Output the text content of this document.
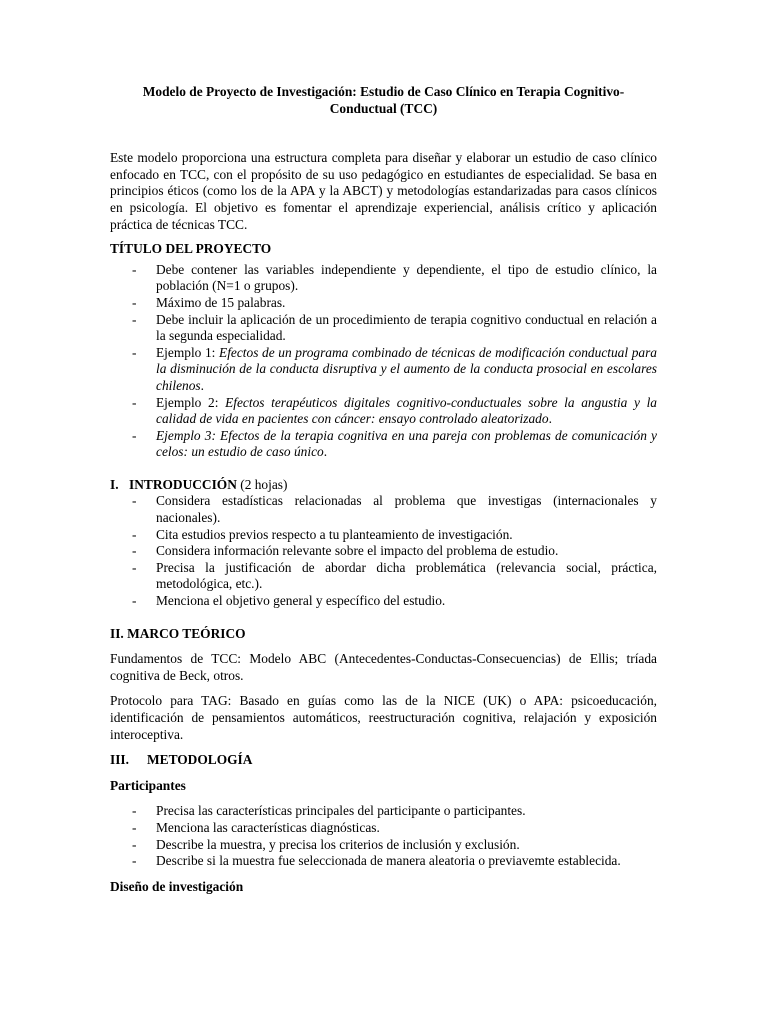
Modelo de Proyecto de Investigación: Estudio de Caso Clínico en Terapia Cognitivo-Conductual (TCC)

Este modelo proporciona una estructura completa para diseñar y elaborar un estudio de caso clínico enfocado en TCC, con el propósito de su uso pedagógico en estudiantes de especialidad. Se basa en principios éticos (como los de la APA y la ABCT) y metodologías estandarizadas para casos clínicos en psicología. El objetivo es fomentar el aprendizaje experiencial, análisis crítico y aplicación práctica de técnicas TCC.

TÍTULO DEL PROYECTO

- Debe contener las variables independiente y dependiente, el tipo de estudio clínico, la población (N=1 o grupos).
- Máximo de 15 palabras.
- Debe incluir la aplicación de un procedimiento de terapia cognitivo conductual en relación a la segunda especialidad.
- Ejemplo 1: Efectos de un programa combinado de técnicas de modificación conductual para la disminución de la conducta disruptiva y el aumento de la conducta prosocial en escolares chilenos.
- Ejemplo 2: Efectos terapéuticos digitales cognitivo-conductuales sobre la angustia y la calidad de vida en pacientes con cáncer: ensayo controlado aleatorizado.
- Ejemplo 3: Efectos de la terapia cognitiva en una pareja con problemas de comunicación y celos: un estudio de caso único.
I. INTRODUCCIÓN (2 hojas)
- Considera estadísticas relacionadas al problema que investigas (internacionales y nacionales).
- Cita estudios previos respecto a tu planteamiento de investigación.
- Considera información relevante sobre el impacto del problema de estudio.
- Precisa la justificación de abordar dicha problemática (relevancia social, práctica, metodológica, etc.).
- Menciona el objetivo general y específico del estudio.

II. MARCO TEÓRICO

Fundamentos de TCC: Modelo ABC (Antecedentes-Conductas-Consecuencias) de Ellis; tríada cognitiva de Beck, otros.

Protocolo para TAG: Basado en guías como las de la NICE (UK) o APA: psicoeducación, identificación de pensamientos automáticos, reestructuración cognitiva, relajación y exposición interoceptiva.

III.	METODOLOGÍA

Participantes

- Precisa las características principales del participante o participantes.
- Menciona las características diagnósticas.
- Describe la muestra, y precisa los criterios de inclusión y exclusión.
- Describe si la muestra fue seleccionada de manera aleatoria o previavemte establecida.

Diseño de investigación
